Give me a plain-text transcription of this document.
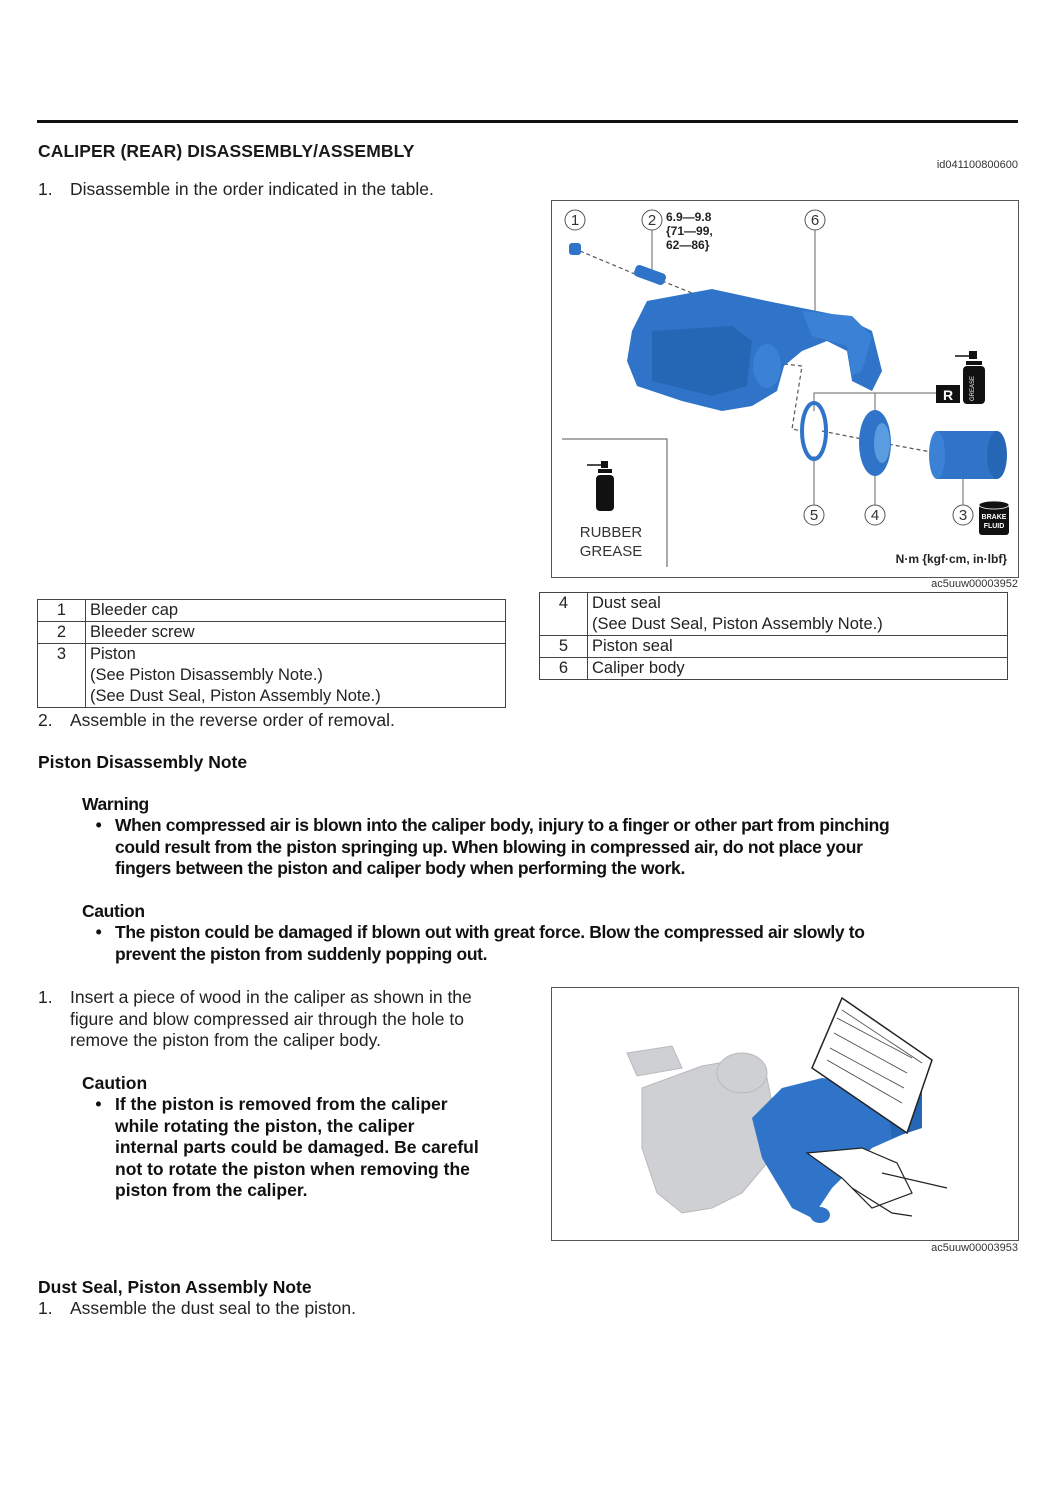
CALIPER (REAR) DISASSEMBLY/ASSEMBLY
id041100800600
1. Disassemble in the order indicated in the table.
1	2	6
5	4	3
R	GREASE
BRAKE
FLUID
6.9—9.8
{71—99,
62—86}
RUBBER
GREASE	N·m {kgf·cm, in·lbf}
ac5uuw00003952
1	Bleeder cap

2	Bleeder screw

3	Piston
(See Piston Disassembly Note.)
(See Dust Seal, Piston Assembly Note.)
4	Dust seal
(See Dust Seal, Piston Assembly Note.)

5	Piston seal

6	Caliper body
2. Assemble in the reverse order of removal.
Piston Disassembly Note
Warning
• When compressed air is blown into the caliper body, injury to a finger or other part from pinching
could result from the piston springing up. When blowing in compressed air, do not place your
fingers between the piston and caliper body when performing the work.
Caution
• The piston could be damaged if blown out with great force. Blow the compressed air slowly to
prevent the piston from suddenly popping out.
1. Insert a piece of wood in the caliper as shown in the
figure and blow compressed air through the hole to
remove the piston from the caliper body.
Caution
• If the piston is removed from the caliper
while rotating the piston, the caliper
internal parts could be damaged. Be careful
not to rotate the piston when removing the
piston from the caliper.
ac5uuw00003953
Dust Seal, Piston Assembly Note
1. Assemble the dust seal to the piston.
